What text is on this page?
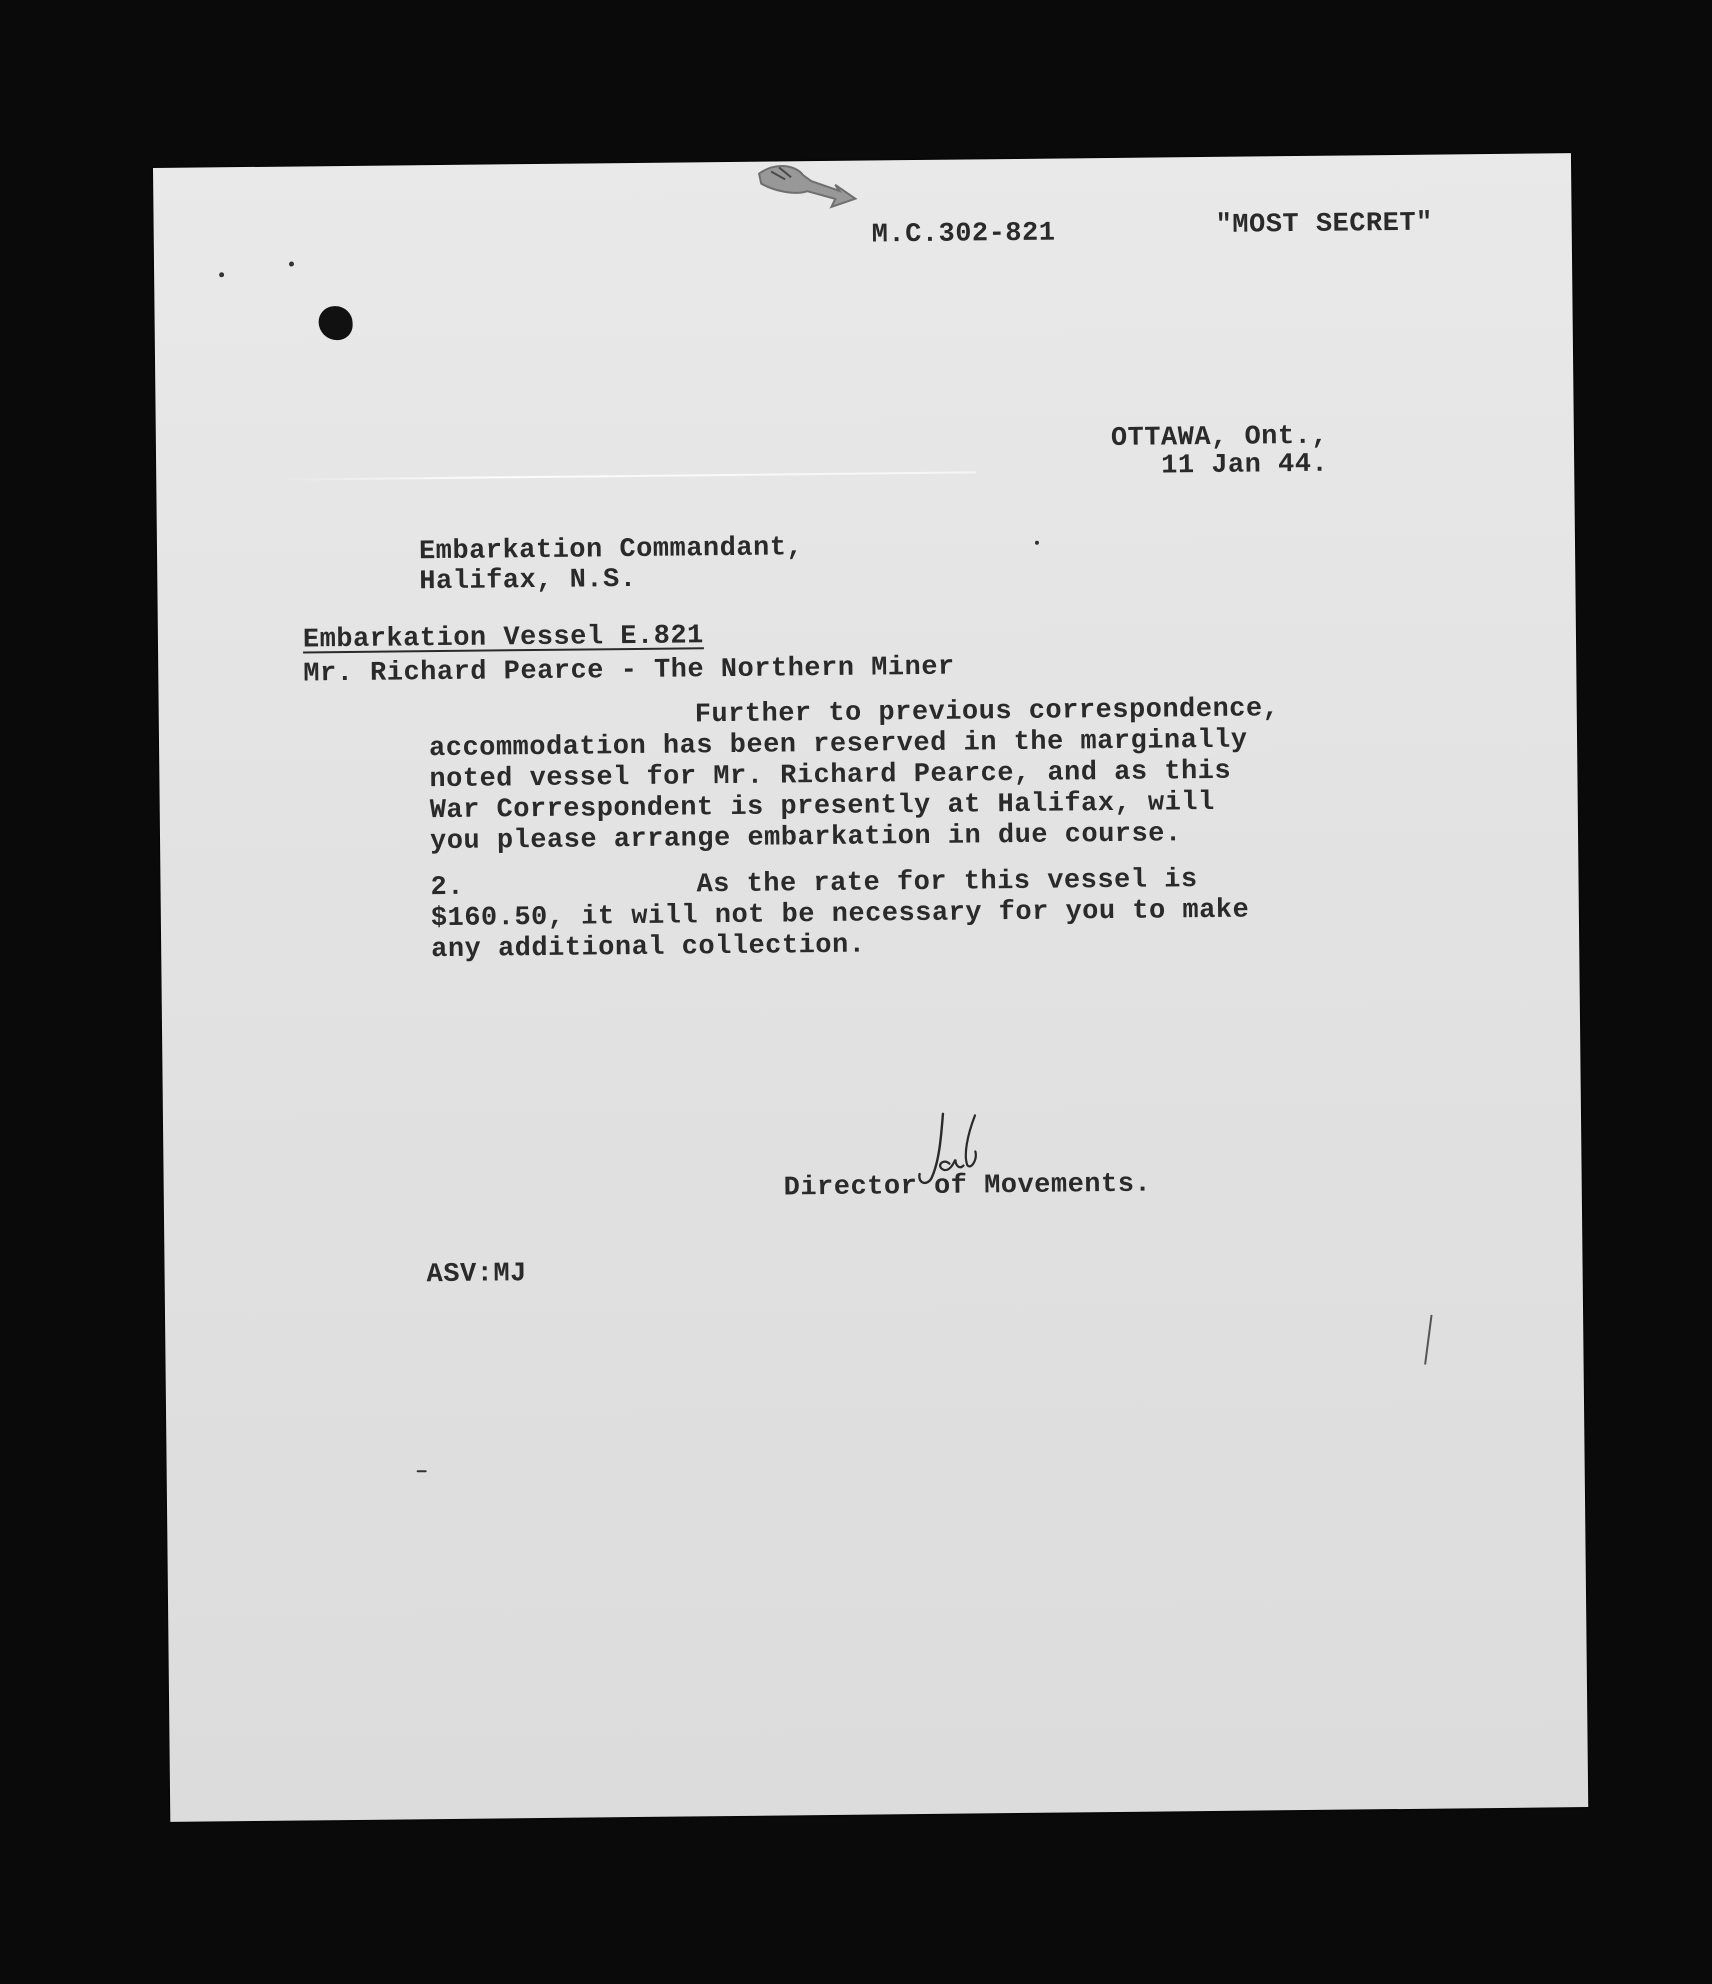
M.C.302-821	"MOST SECRET"
OTTAWA, Ont.,
11 Jan 44.
Embarkation Commandant,
Halifax, N.S.
Embarkation Vessel E.821
Mr. Richard Pearce - The Northern Miner
Further to previous correspondence,
accommodation has been reserved in the marginally
noted vessel for Mr. Richard Pearce, and as this
War Correspondent is presently at Halifax, will
you please arrange embarkation in due course.
2.	As the rate for this vessel is
$160.50, it will not be necessary for you to make
any additional collection.
Director of Movements.
ASV:MJ
